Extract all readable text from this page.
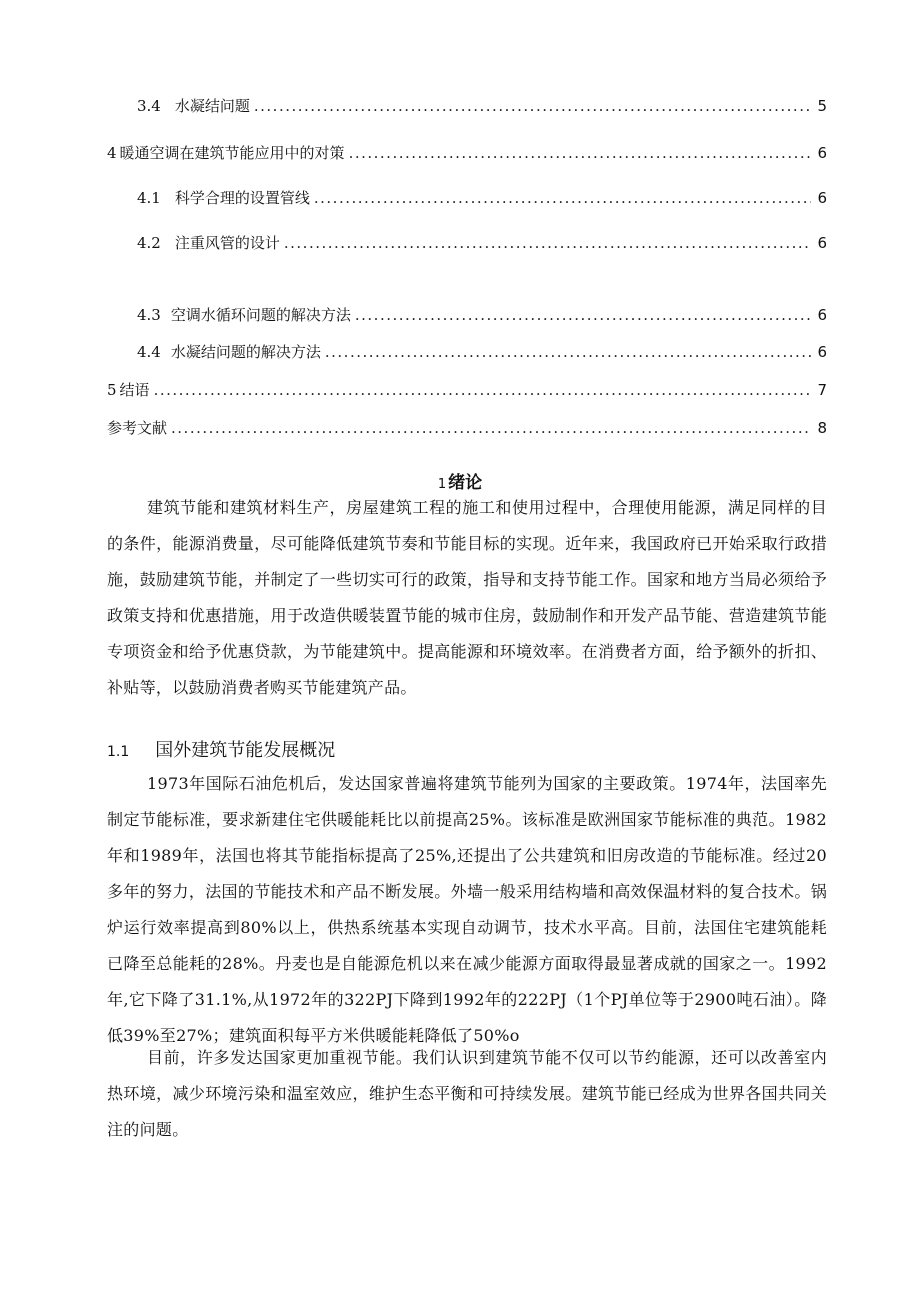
3.4 水凝结问题 .....	5
4 暖通空调在建筑节能应用中的对策 .....	6
4.1 科学合理的设置管线 .....	6
4.2 注重风管的设计 .....	6
4.3 空调水循环问题的解决方法 .....	6
4.4 水凝结问题的解决方法 .....	6
5 结语 .....	7
参考文献 .....	8
1 绪论

建筑节能和建筑材料生产，房屋建筑工程的施工和使用过程中，合理使用能源，满足同样的目的条件，能源消费量，尽可能降低建筑节奏和节能目标的实现。近年来，我国政府已开始采取行政措施，鼓励建筑节能，并制定了一些切实可行的政策，指导和支持节能工作。国家和地方当局必须给予政策支持和优惠措施，用于改造供暖装置节能的城市住房，鼓励制作和开发产品节能、营造建筑节能专项资金和给予优惠贷款，为节能建筑中。提高能源和环境效率。在消费者方面，给予额外的折扣、补贴等，以鼓励消费者购买节能建筑产品。

1.1 国外建筑节能发展概况

1973年国际石油危机后，发达国家普遍将建筑节能列为国家的主要政策。1974年，法国率先制定节能标准，要求新建住宅供暖能耗比以前提高25%。该标准是欧洲国家节能标准的典范。1982年和1989年，法国也将其节能指标提高了25%,还提出了公共建筑和旧房改造的节能标准。经过20多年的努力，法国的节能技术和产品不断发展。外墙一般采用结构墙和高效保温材料的复合技术。锅炉运行效率提高到80%以上，供热系统基本实现自动调节，技术水平高。目前，法国住宅建筑能耗已降至总能耗的28%。丹麦也是自能源危机以来在减少能源方面取得最显著成就的国家之一。1992年,它下降了31.1%,从1972年的322PJ下降到1992年的222PJ（1个PJ单位等于2900吨石油）。降低39%至27%；建筑面积每平方米供暖能耗降低了50%o

目前，许多发达国家更加重视节能。我们认识到建筑节能不仅可以节约能源，还可以改善室内热环境，减少环境污染和温室效应，维护生态平衡和可持续发展。建筑节能已经成为世界各国共同关注的问题。
